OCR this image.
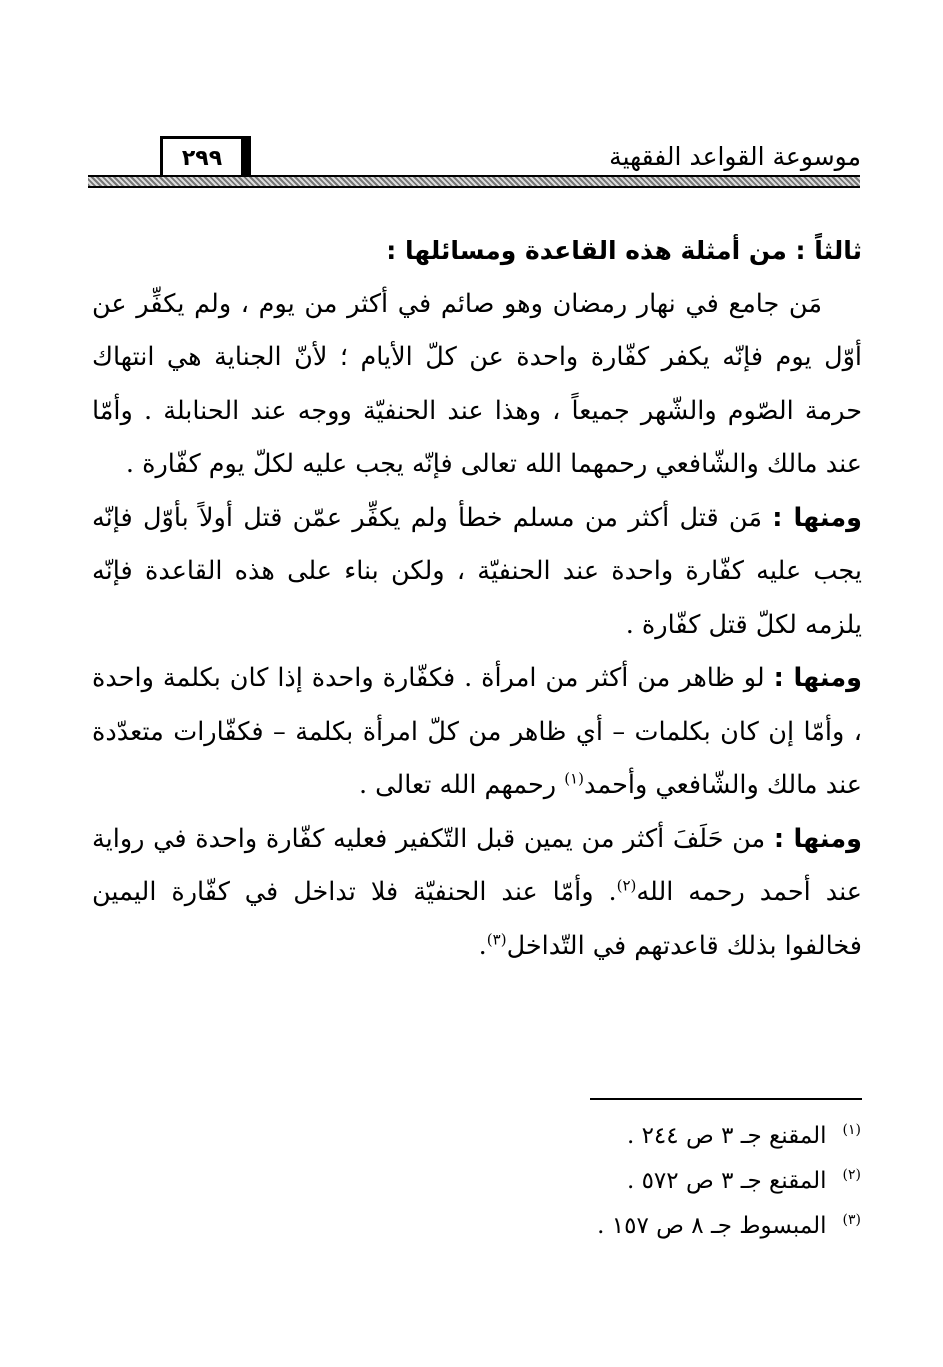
٢٩٩	موسوعة القواعد الفقهية

ثالثاً : من أمثلة هذه القاعدة ومسائلها :

مَن جامع في نهار رمضان وهو صائم في أكثر من يوم ، ولم يكفِّر عن أوّل يوم فإنّه يكفر كفّارة واحدة عن كلّ الأيام ؛ لأنّ الجناية هي انتهاك حرمة الصّوم والشّهر جميعاً ، وهذا عند الحنفيّة ووجه عند الحنابلة . وأمّا عند مالك والشّافعي رحمهما الله تعالى فإنّه يجب عليه لكلّ يوم كفّارة .

ومنها : مَن قتل أكثر من مسلم خطأ ولم يكفِّر عمّن قتل أولاً بأوّل فإنّه يجب عليه كفّارة واحدة عند الحنفيّة ، ولكن بناء على هذه القاعدة فإنّه يلزمه لكلّ قتل كفّارة .

ومنها : لو ظاهر من أكثر من امرأة . فكفّارة واحدة إذا كان بكلمة واحدة ، وأمّا إن كان بكلمات – أي ظاهر من كلّ امرأة بكلمة – فكفّارات متعدّدة عند مالك والشّافعي وأحمد$^{(١)}$ رحمهم الله تعالى .

ومنها : من حَلَفَ أكثر من يمين قبل التّكفير فعليه كفّارة واحدة في رواية عند أحمد رحمه الله$^{(٢)}$. وأمّا عند الحنفيّة فلا تداخل في كفّارة اليمين فخالفوا بذلك قاعدتهم في التّداخل$^{(٣)}$.

$^{(١)}$المقنع جـ ٣ ص ٢٤٤ .
$^{(٢)}$المقنع جـ ٣ ص ٥٧٢ .
$^{(٣)}$المبسوط جـ ٨ ص ١٥٧ .
